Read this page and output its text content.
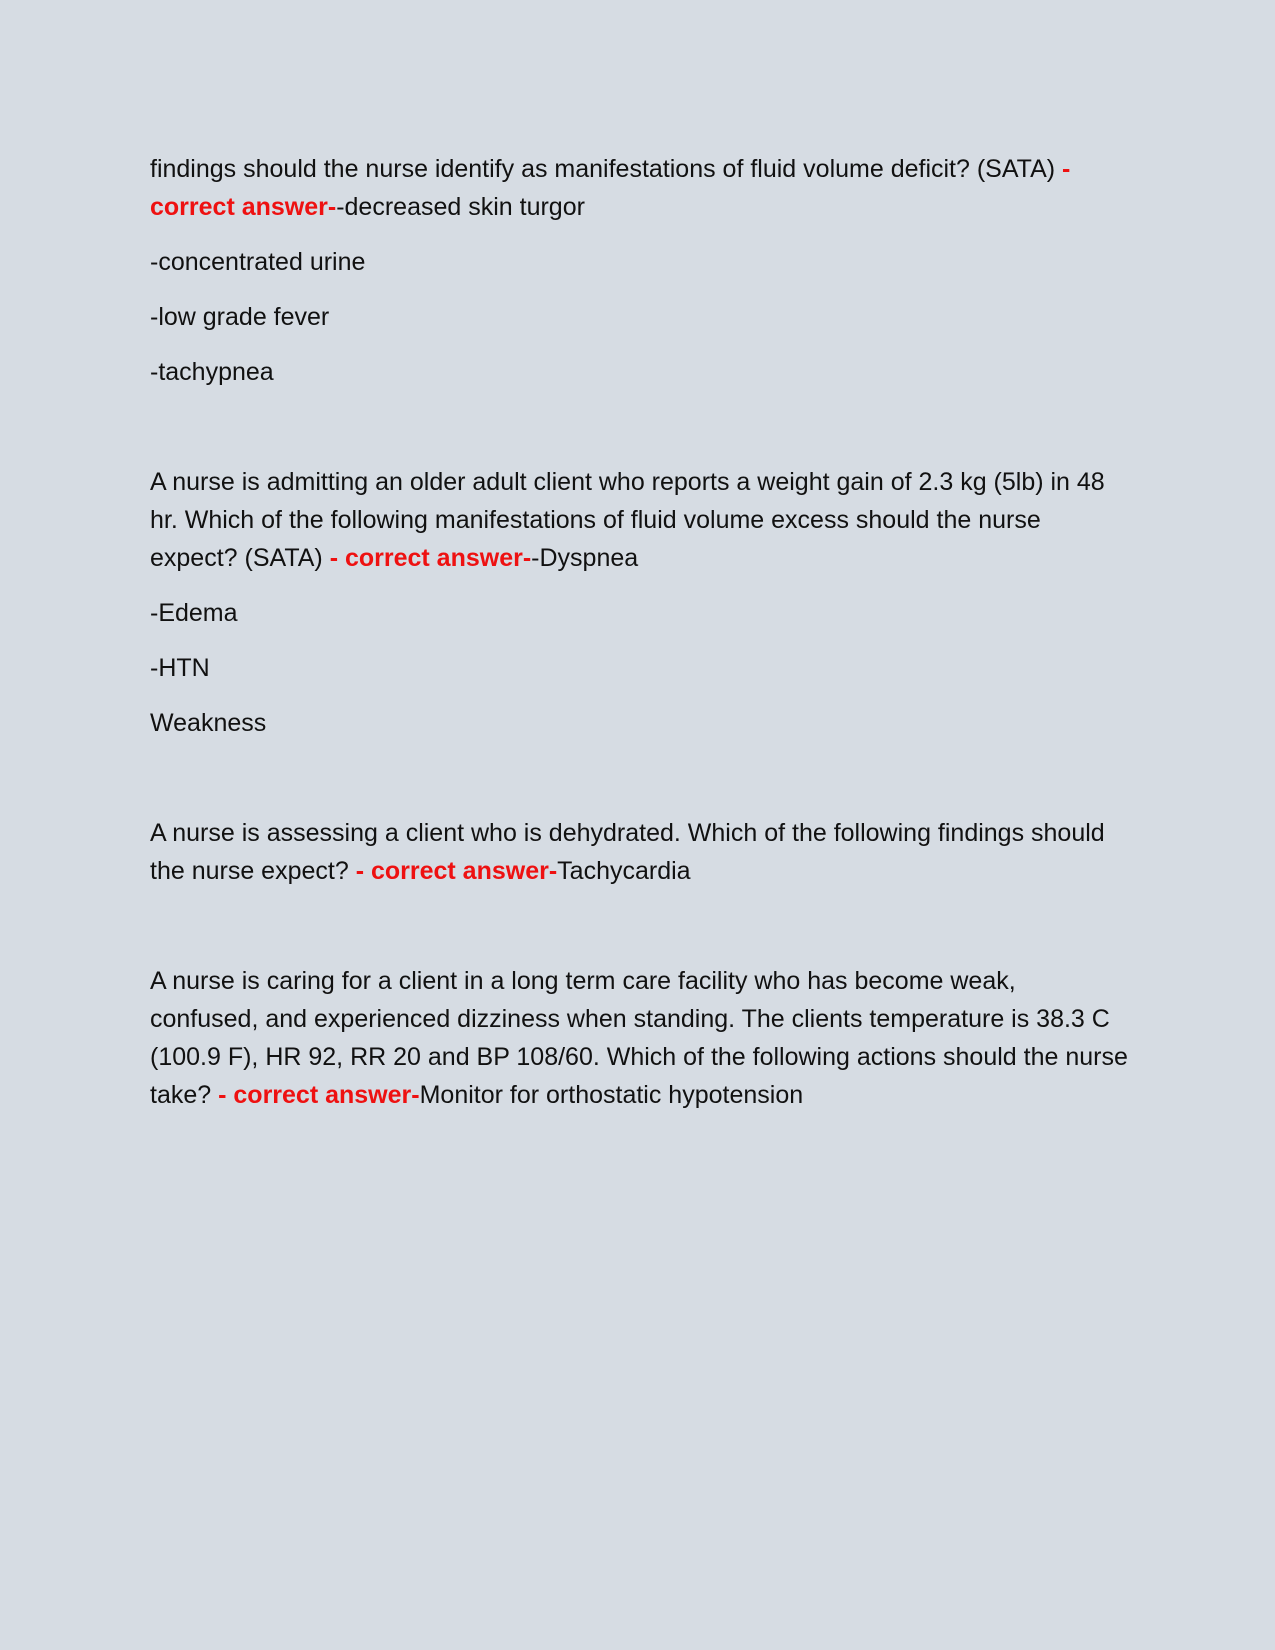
findings should the nurse identify as manifestations of fluid volume deficit? (SATA) - correct answer--decreased skin turgor

-concentrated urine

-low grade fever

-tachypnea

A nurse is admitting an older adult client who reports a weight gain of 2.3 kg (5lb) in 48 hr. Which of the following manifestations of fluid volume excess should the nurse expect? (SATA) - correct answer--Dyspnea

-Edema

-HTN

Weakness

A nurse is assessing a client who is dehydrated. Which of the following findings should the nurse expect? - correct answer-Tachycardia

A nurse is caring for a client in a long term care facility who has become weak, confused, and experienced dizziness when standing. The clients temperature is 38.3 C (100.9 F), HR 92, RR 20 and BP 108/60. Which of the following actions should the nurse take? - correct answer-Monitor for orthostatic hypotension
